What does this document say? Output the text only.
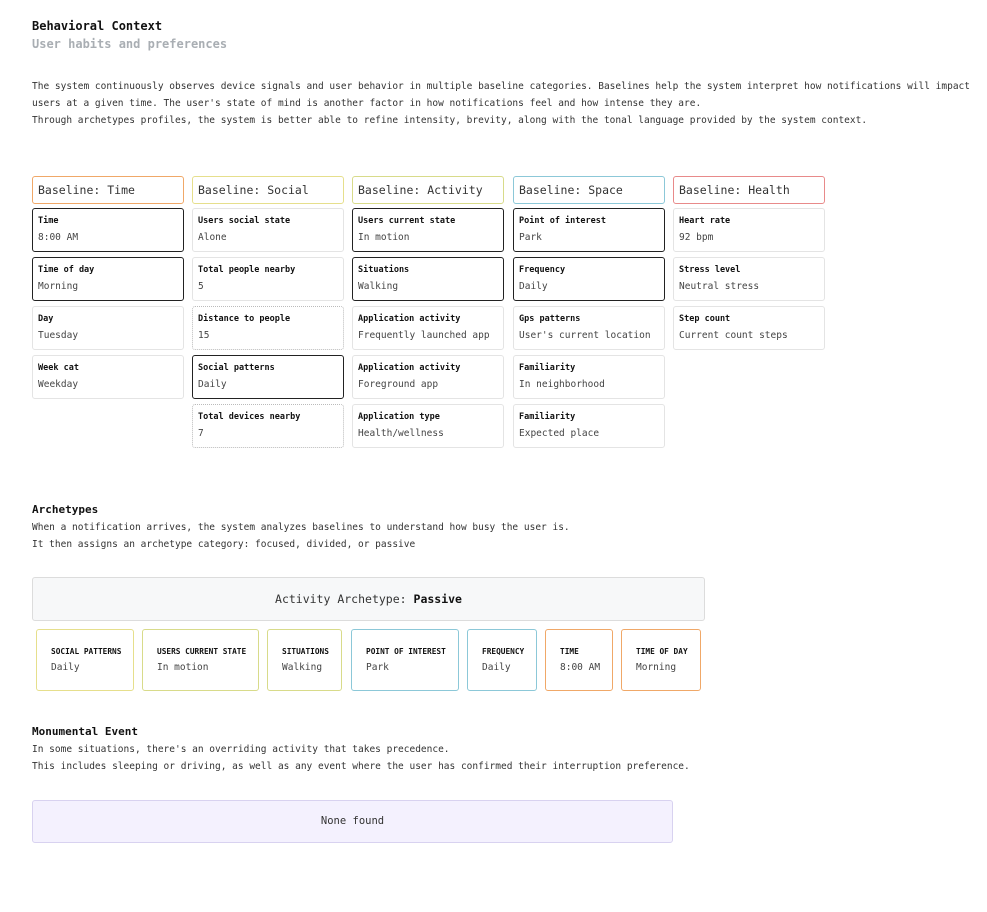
Behavioral Context
User habits and preferences
The system continuously observes device signals and user behavior in multiple baseline categories. Baselines help the system interpret how notifications will impact
users at a given time. The user's state of mind is another factor in how notifications feel and how intense they are.
Through archetypes profiles, the system is better able to refine intensity, brevity, along with the tonal language provided by the system context.
Baseline: Time
Time
8:00 AM
Time of day
Morning
Day
Tuesday
Week cat
Weekday
Baseline: Social
Users social state
Alone
Total people nearby
5
Distance to people
15
Social patterns
Daily
Total devices nearby
7
Baseline: Activity
Users current state
In motion
Situations
Walking
Application activity
Frequently launched app
Application activity
Foreground app
Application type
Health/wellness
Baseline: Space
Point of interest
Park
Frequency
Daily
Gps patterns
User's current location
Familiarity
In neighborhood
Familiarity
Expected place
Baseline: Health
Heart rate
92 bpm
Stress level
Neutral stress
Step count
Current count steps
Archetypes
When a notification arrives, the system analyzes baselines to understand how busy the user is.
It then assigns an archetype category: focused, divided, or passive
Activity Archetype: Passive
SOCIAL PATTERNS
Daily
USERS CURRENT STATE
In motion
SITUATIONS
Walking
POINT OF INTEREST
Park
FREQUENCY
Daily
TIME
8:00 AM
TIME OF DAY
Morning
Monumental Event
In some situations, there's an overriding activity that takes precedence.
This includes sleeping or driving, as well as any event where the user has confirmed their interruption preference.
None found
